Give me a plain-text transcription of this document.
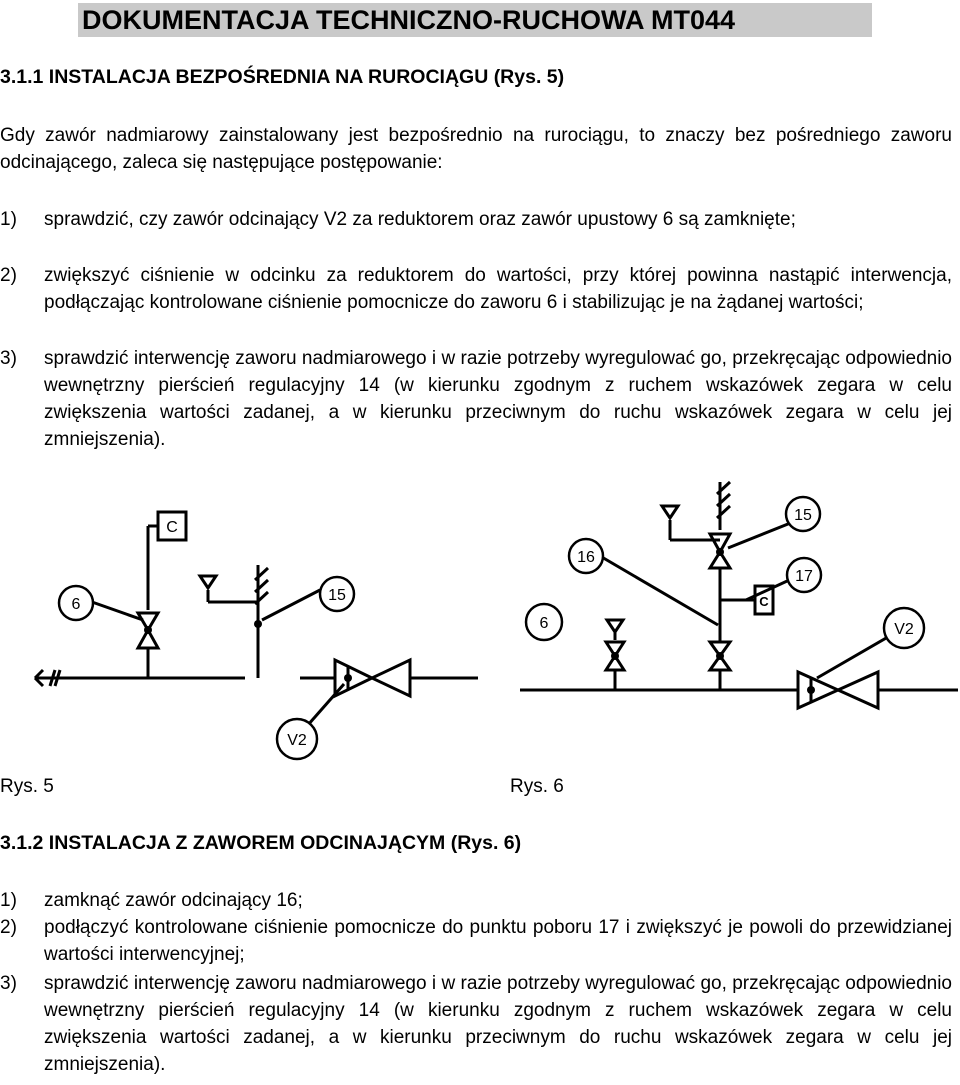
DOKUMENTACJA TECHNICZNO-RUCHOWA MT044
3.1.1 INSTALACJA BEZPOŚREDNIA NA RUROCIĄGU (Rys. 5)
Gdy zawór nadmiarowy zainstalowany jest bezpośrednio na rurociągu, to znaczy bez pośredniego zaworu odcinającego, zaleca się następujące postępowanie:
1) sprawdzić, czy zawór odcinający V2 za reduktorem oraz zawór upustowy 6 są zamknięte;
2) zwiększyć ciśnienie w odcinku za reduktorem do wartości, przy której powinna nastąpić interwencja, podłączając kontrolowane ciśnienie pomocnicze do zaworu 6 i stabilizując je na żądanej wartości;
3) sprawdzić interwencję zaworu nadmiarowego i w razie potrzeby wyregulować go, przekręcając odpowiednio wewnętrzny pierścień regulacyjny 14 (w kierunku zgodnym z ruchem wskazówek zegara w celu zwiększenia wartości zadanej, a w kierunku przeciwnym do ruchu wskazówek zegara w celu jej zmniejszenia).
C
6
15
V2
16
15
17
C
6	V2
Rys. 5	Rys. 6
3.1.2 INSTALACJA Z ZAWOREM ODCINAJĄCYM (Rys. 6)
1) zamknąć zawór odcinający 16;
2) podłączyć kontrolowane ciśnienie pomocnicze do punktu poboru 17 i zwiększyć je powoli do przewidzianej wartości interwencyjnej;
3) sprawdzić interwencję zaworu nadmiarowego i w razie potrzeby wyregulować go, przekręcając odpowiednio wewnętrzny pierścień regulacyjny 14 (w kierunku zgodnym z ruchem wskazówek zegara w celu zwiększenia wartości zadanej, a w kierunku przeciwnym do ruchu wskazówek zegara w celu jej zmniejszenia).
